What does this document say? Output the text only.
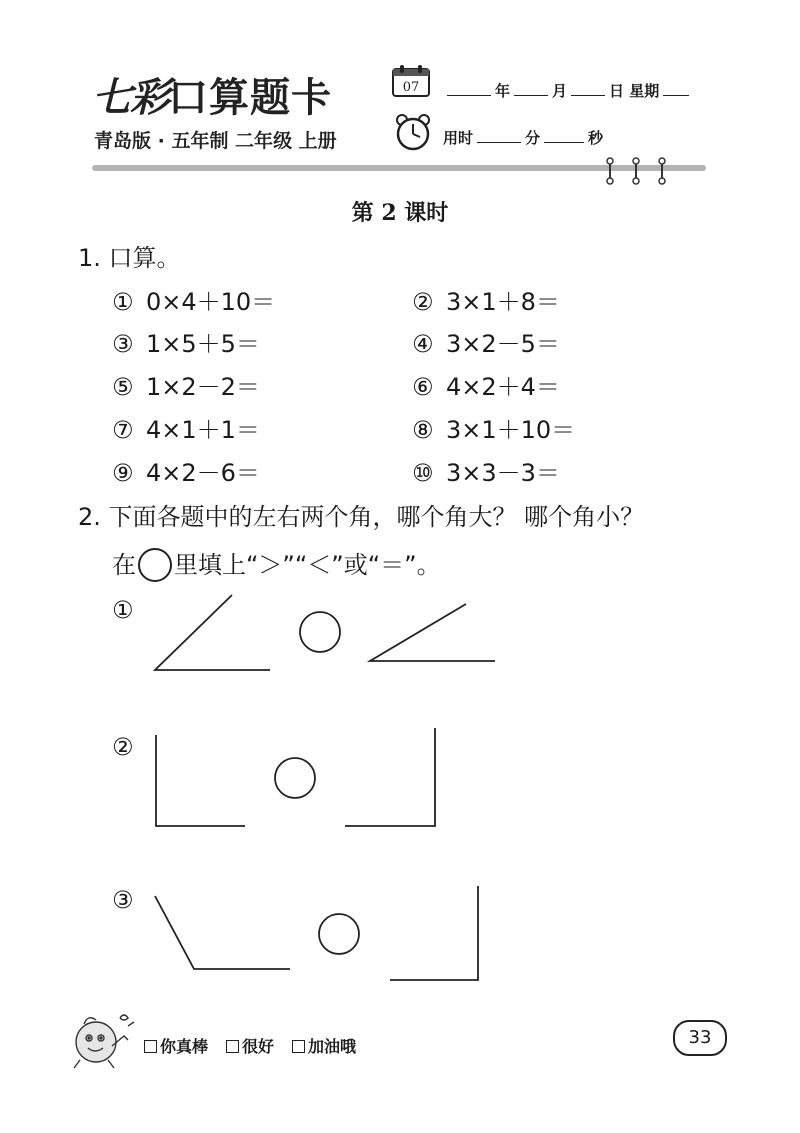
七彩口算题卡
青岛版 · 五年制 二年级 上册
07	年	月	日 星期
用时	分	秒
第 2 课时
1. 口算。
① 0×4＋10＝	② 3×1＋8＝
③ 1×5＋5＝	④ 3×2－5＝
⑤ 1×2－2＝	⑥ 4×2＋4＝
⑦ 4×1＋1＝	⑧ 3×1＋10＝
⑨ 4×2－6＝	⑩ 3×3－3＝
2. 下面各题中的左右两个角，哪个角大？ 哪个角小？
在 里填上“＞”“＜”或“＝”。
①
②
③
你真棒 很好 加油哦	33
